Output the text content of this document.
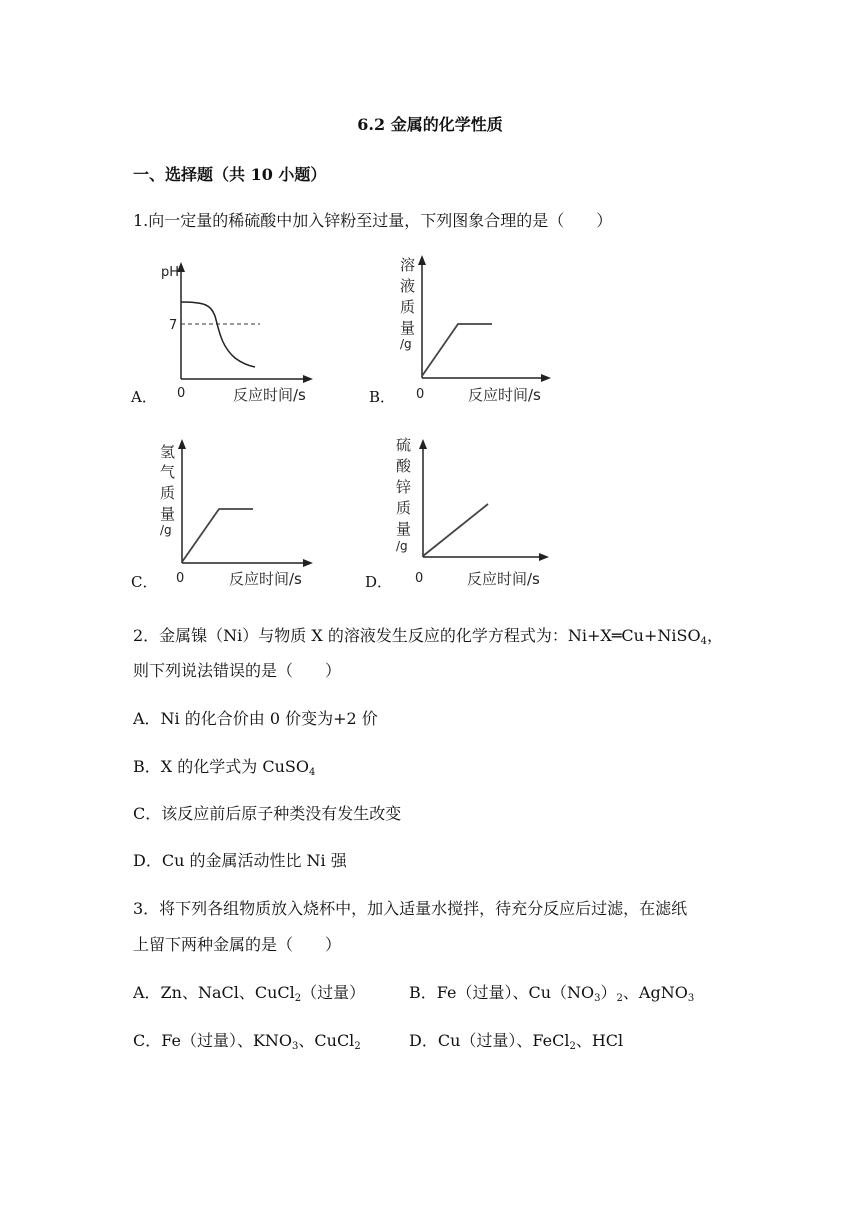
6.2 金属的化学性质
一、选择题（共 10 小题）
1.向一定量的稀硫酸中加入锌粉至过量，下列图象合理的是（　　）
A．	B．
C．	D．
pH
7
0	反应时间/s
溶
液
质
量
/g
0	反应时间/s
氢
气
质
量
/g
0	反应时间/s
硫
酸
锌
质
量
/g
0	反应时间/s
2．金属镍（Ni）与物质 X 的溶液发生反应的化学方程式为：Ni+X═Cu+NiSO$_4$，
则下列说法错误的是（　　）
A．Ni 的化合价由 0 价变为+2 价
B．X 的化学式为 CuSO$_4$
C．该反应前后原子种类没有发生改变
D．Cu 的金属活动性比 Ni 强
3．将下列各组物质放入烧杯中，加入适量水搅拌，待充分反应后过滤，在滤纸
上留下两种金属的是（　　）
A．Zn、NaCl、CuCl$_2$（过量）	B．Fe（过量）、$Cu(NO_3)_2$、AgNO$_3$
C．Fe（过量）、$KNO_3$、CuCl$_2$	D．Cu（过量）、FeCl$_2$、HCl
